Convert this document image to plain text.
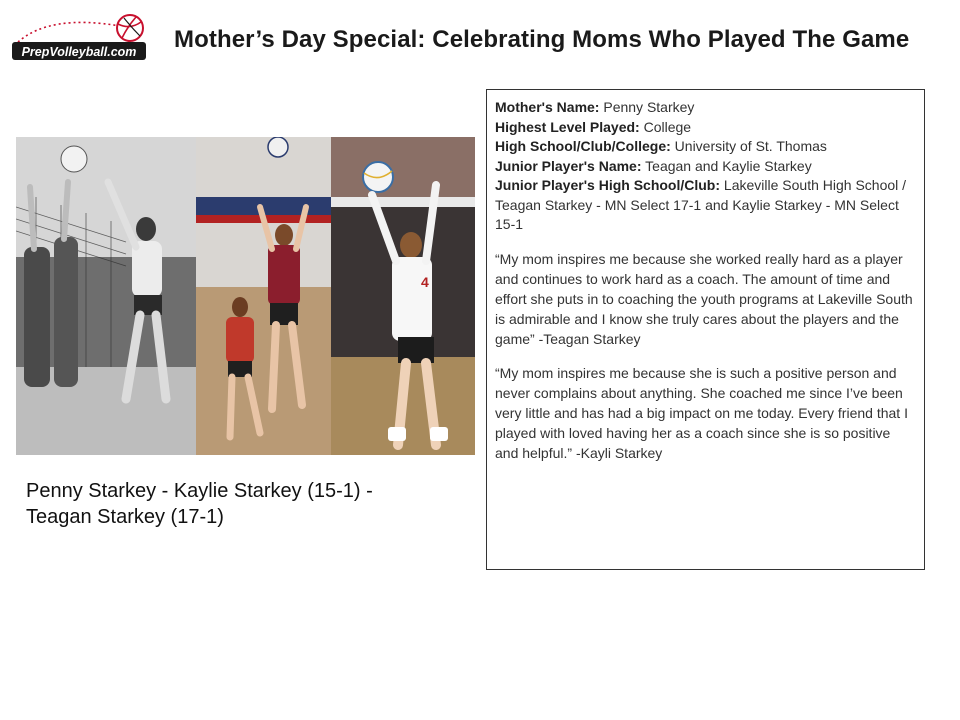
PrepVolleyball.com Mother’s Day Special: Celebrating Moms Who Played The Game
4
Penny Starkey - Kaylie Starkey (15-1) -
Teagan Starkey (17-1)
Mother's Name: Penny Starkey
Highest Level Played: College
High School/Club/College: University of St. Thomas
Junior Player's Name: Teagan and Kaylie Starkey
Junior Player's High School/Club: Lakeville South High School / Teagan Starkey - MN Select 17-1 and Kaylie Starkey - MN Select 15-1
“My mom inspires me because she worked really hard as a player and continues to work hard as a coach. The amount of time and effort she puts in to coaching the youth programs at Lakeville South is admirable and I know she truly cares about the players and the game” -Teagan Starkey
“My mom inspires me because she is such a positive person and never complains about anything. She coached me since I’ve been very little and has had a big impact on me today. Every friend that I played with loved having her as a coach since she is so positive and helpful.” -Kayli Starkey
